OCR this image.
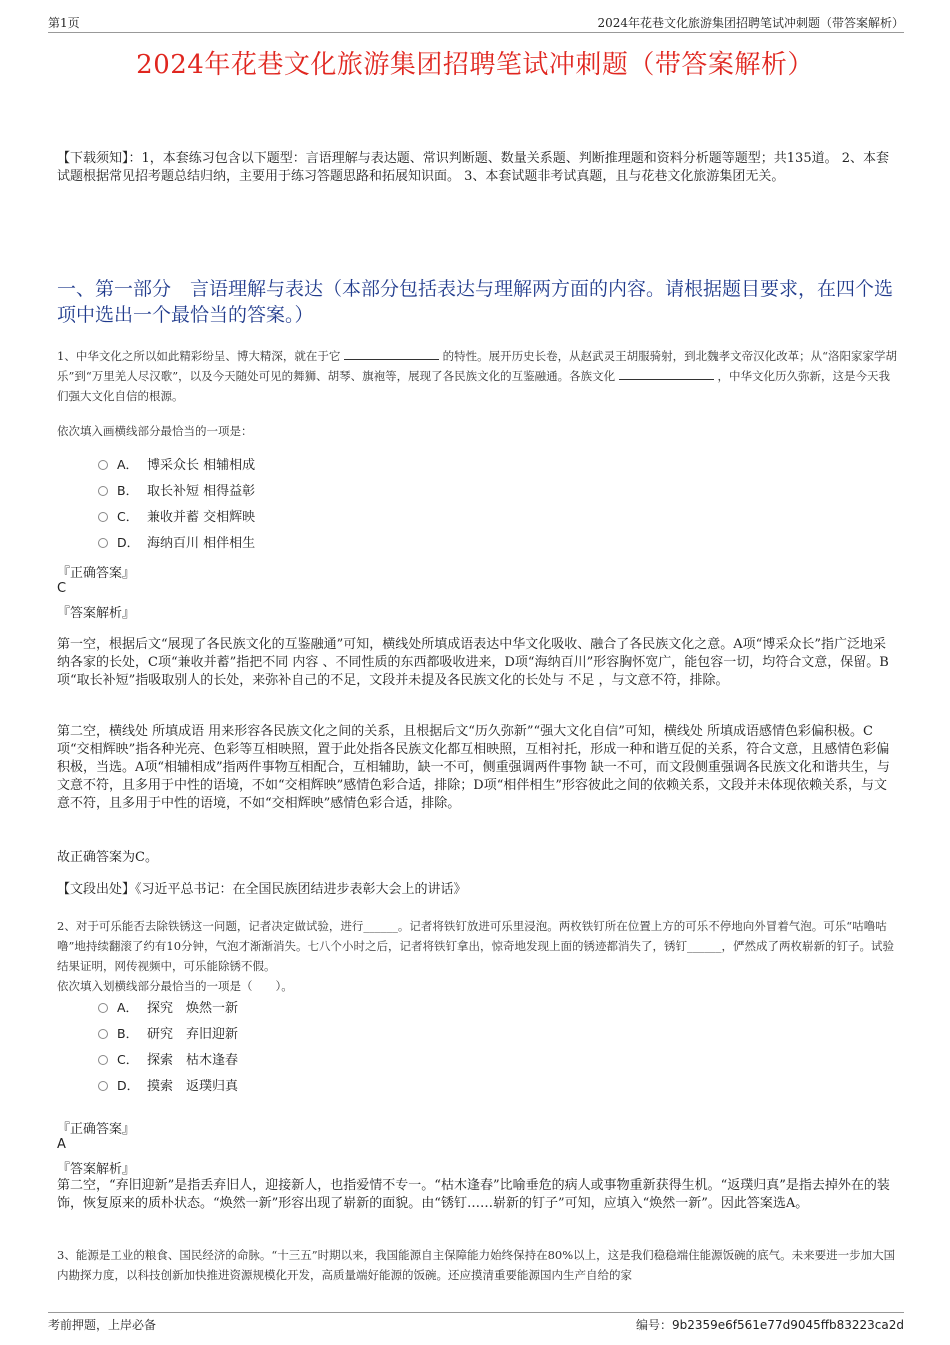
第1页	2024年花巷文化旅游集团招聘笔试冲刺题（带答案解析）
2024年花巷文化旅游集团招聘笔试冲刺题（带答案解析）
【下载须知】：1，本套练习包含以下题型：言语理解与表达题、常识判断题、数量关系题、判断推理题和资料分析题等题型；共135道。 2、本套试题根据常见招考题总结归纳，主要用于练习答题思路和拓展知识面。 3、本套试题非考试真题，且与花巷文化旅游集团无关。
一、第一部分　言语理解与表达（本部分包括表达与理解两方面的内容。请根据题目要求，在四个选项中选出一个最恰当的答案。）
1、中华文化之所以如此精彩纷呈、博大精深，就在于它	的特性。展开历史长卷，从赵武灵王胡服骑射，到北魏孝文帝汉化改革；从“洛阳家家学胡乐”到“万里羌人尽汉歌”，以及今天随处可见的舞狮、胡琴、旗袍等，展现了各民族文化的互鉴融通。各族文化	，中华文化历久弥新，这是今天我们强大文化自信的根源。
依次填入画横线部分最恰当的一项是：
A． 博采众长 相辅相成
B． 取长补短 相得益彰
C． 兼收并蓄 交相辉映
D． 海纳百川 相伴相生
『正确答案』
C
『答案解析』
第一空，根据后文“展现了各民族文化的互鉴融通”可知，横线处所填成语表达中华文化吸收、融合了各民族文化之意。A项“博采众长”指广泛地采纳各家的长处，C项“兼收并蓄”指把不同 内容 、不同性质的东西都吸收进来，D项“海纳百川”形容胸怀宽广，能包容一切，均符合文意，保留。B项“取长补短”指吸取别人的长处，来弥补自己的不足，文段并未提及各民族文化的长处与 不足 ，与文意不符，排除。
第二空，横线处 所填成语 用来形容各民族文化之间的关系，且根据后文“历久弥新”“强大文化自信”可知，横线处 所填成语感情色彩偏积极。C项“交相辉映”指各种光亮、色彩等互相映照，置于此处指各民族文化都互相映照，互相衬托，形成一种和谐互促的关系，符合文意，且感情色彩偏积极，当选。A项“相辅相成”指两件事物互相配合，互相辅助，缺一不可，侧重强调两件事物 缺一不可，而文段侧重强调各民族文化和谐共生，与文意不符，且多用于中性的语境，不如“交相辉映”感情色彩合适，排除；D项“相伴相生”形容彼此之间的依赖关系，文段并未体现依赖关系，与文意不符，且多用于中性的语境，不如“交相辉映”感情色彩合适，排除。
故正确答案为C。
【文段出处】《习近平总书记：在全国民族团结进步表彰大会上的讲话》
2、对于可乐能否去除铁锈这一问题，记者决定做试验，进行______。记者将铁钉放进可乐里浸泡。两枚铁钉所在位置上方的可乐不停地向外冒着气泡。可乐“咕噜咕噜”地持续翻滚了约有10分钟，气泡才渐渐消失。七八个小时之后，记者将铁钉拿出，惊奇地发现上面的锈迹都消失了，锈钉______，俨然成了两枚崭新的钉子。试验结果证明，网传视频中，可乐能除锈不假。
依次填入划横线部分最恰当的一项是（　　）。
A． 探究　焕然一新
B． 研究　弃旧迎新
C． 探索　枯木逢春
D． 摸索　返璞归真
『正确答案』
A
『答案解析』
第二空，“弃旧迎新”是指丢弃旧人，迎接新人，也指爱情不专一。“枯木逢春”比喻垂危的病人或事物重新获得生机。“返璞归真”是指去掉外在的装饰，恢复原来的质朴状态。“焕然一新”形容出现了崭新的面貌。由“锈钉……崭新的钉子”可知，应填入“焕然一新”。因此答案选A。
3、能源是工业的粮食、国民经济的命脉。“十三五”时期以来，我国能源自主保障能力始终保持在80%以上，这是我们稳稳端住能源饭碗的底气。未来要进一步加大国内勘探力度，以科技创新加快推进资源规模化开发，高质量端好能源的饭碗。还应摸清重要能源国内生产自给的家
考前押题，上岸必备	编号：9b2359e6f561e77d9045ffb83223ca2d
